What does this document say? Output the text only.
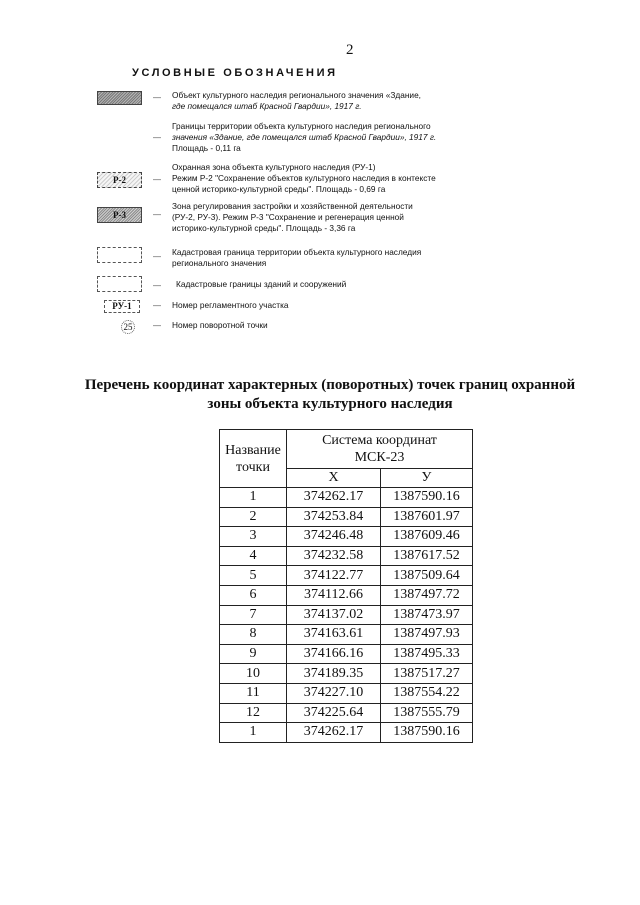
2
УСЛОВНЫЕ ОБОЗНАЧЕНИЯ
— Объект культурного наследия регионального значения «Здание,

где помещался штаб Красной Гвардии», 1917 г.

—

Границы территории объекта культурного наследия регионального

значения «Здание, где помещался штаб Красной Гвардии», 1917 г.

Площадь - 0,11 га

Р-2	—

Охранная зона объекта культурного наследия (РУ-1)

Режим Р-2 "Сохранение объектов культурного наследия в контексте

ценной историко-культурной среды". Площадь - 0,69 га

Р-3	—

Зона регулирования застройки и хозяйственной деятельности

(РУ-2, РУ-3). Режим Р-3 "Сохранение и регенерация ценной

историко-культурной среды". Площадь - 3,36 га

— Кадастровая граница территории объекта культурного наследия

регионального значения

— Кадастровые границы зданий и сооружений

РУ-1	— Номер регламентного участка

25	— Номер поворотной точки

Перечень координат характерных (поворотных) точек границ охранной
зоны объекта культурного наследия
Название точки	Система координат
МСК-23	

	Х	У
1	374262.17	1387590.16
2	374253.84	1387601.97
3	374246.48	1387609.46
4	374232.58	1387617.52
5	374122.77	1387509.64
6	374112.66	1387497.72
7	374137.02	1387473.97
8	374163.61	1387497.93
9	374166.16	1387495.33
10	374189.35	1387517.27
11	374227.10	1387554.22
12	374225.64	1387555.79
1	374262.17	1387590.16
